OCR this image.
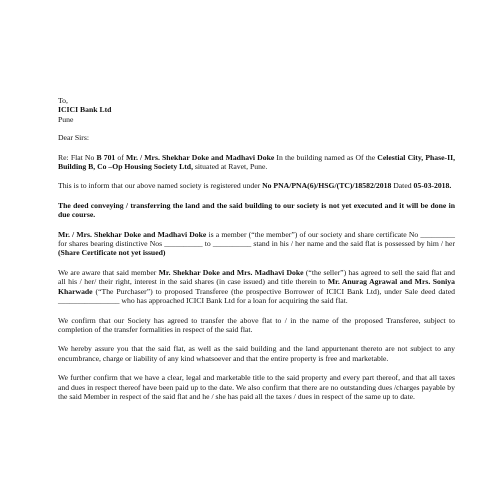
To,
ICICI Bank Ltd
Pune

Dear Sirs:

Re: Flat No B 701 of Mr. / Mrs. Shekhar Doke and Madhavi Doke In the building named as Of the Celestial City, Phase-II, Building B, Co –Op Housing Society Ltd, situated at Ravet, Pune.

This is to inform that our above named society is registered under No PNA/PNA(6)/HSG/(TC)/18582/2018 Dated 05-03-2018.

The deed conveying / transferring the land and the said building to our society is not yet executed and it will be done in due course.

Mr. / Mrs. Shekhar Doke and Madhavi Doke is a member (“the member”) of our society and share certificate No _________ for shares bearing distinctive Nos __________ to __________ stand in his / her name and the said flat is possessed by him / her (Share Certificate not yet issued)

We are aware that said member Mr. Shekhar Doke and Mrs. Madhavi Doke (“the seller”) has agreed to sell the said flat and all his / her/ their right, interest in the said shares (in case issued) and title therein to Mr. Anurag Agrawal and Mrs. Soniya Kharwade (“The Purchaser”) to proposed Transferee (the prospective Borrower of ICICI Bank Ltd), under Sale deed dated ________________ who has approached ICICI Bank Ltd for a loan for acquiring the said flat.

We confirm that our Society has agreed to transfer the above flat to / in the name of the proposed Transferee, subject to completion of the transfer formalities in respect of the said flat.

We hereby assure you that the said flat, as well as the said building and the land appurtenant thereto are not subject to any encumbrance, charge or liability of any kind whatsoever and that the entire property is free and marketable.

We further confirm that we have a clear, legal and marketable title to the said property and every part thereof, and that all taxes and dues in respect thereof have been paid up to the date. We also confirm that there are no outstanding dues /charges payable by the said Member in respect of the said flat and he / she has paid all the taxes / dues in respect of the same up to date.
